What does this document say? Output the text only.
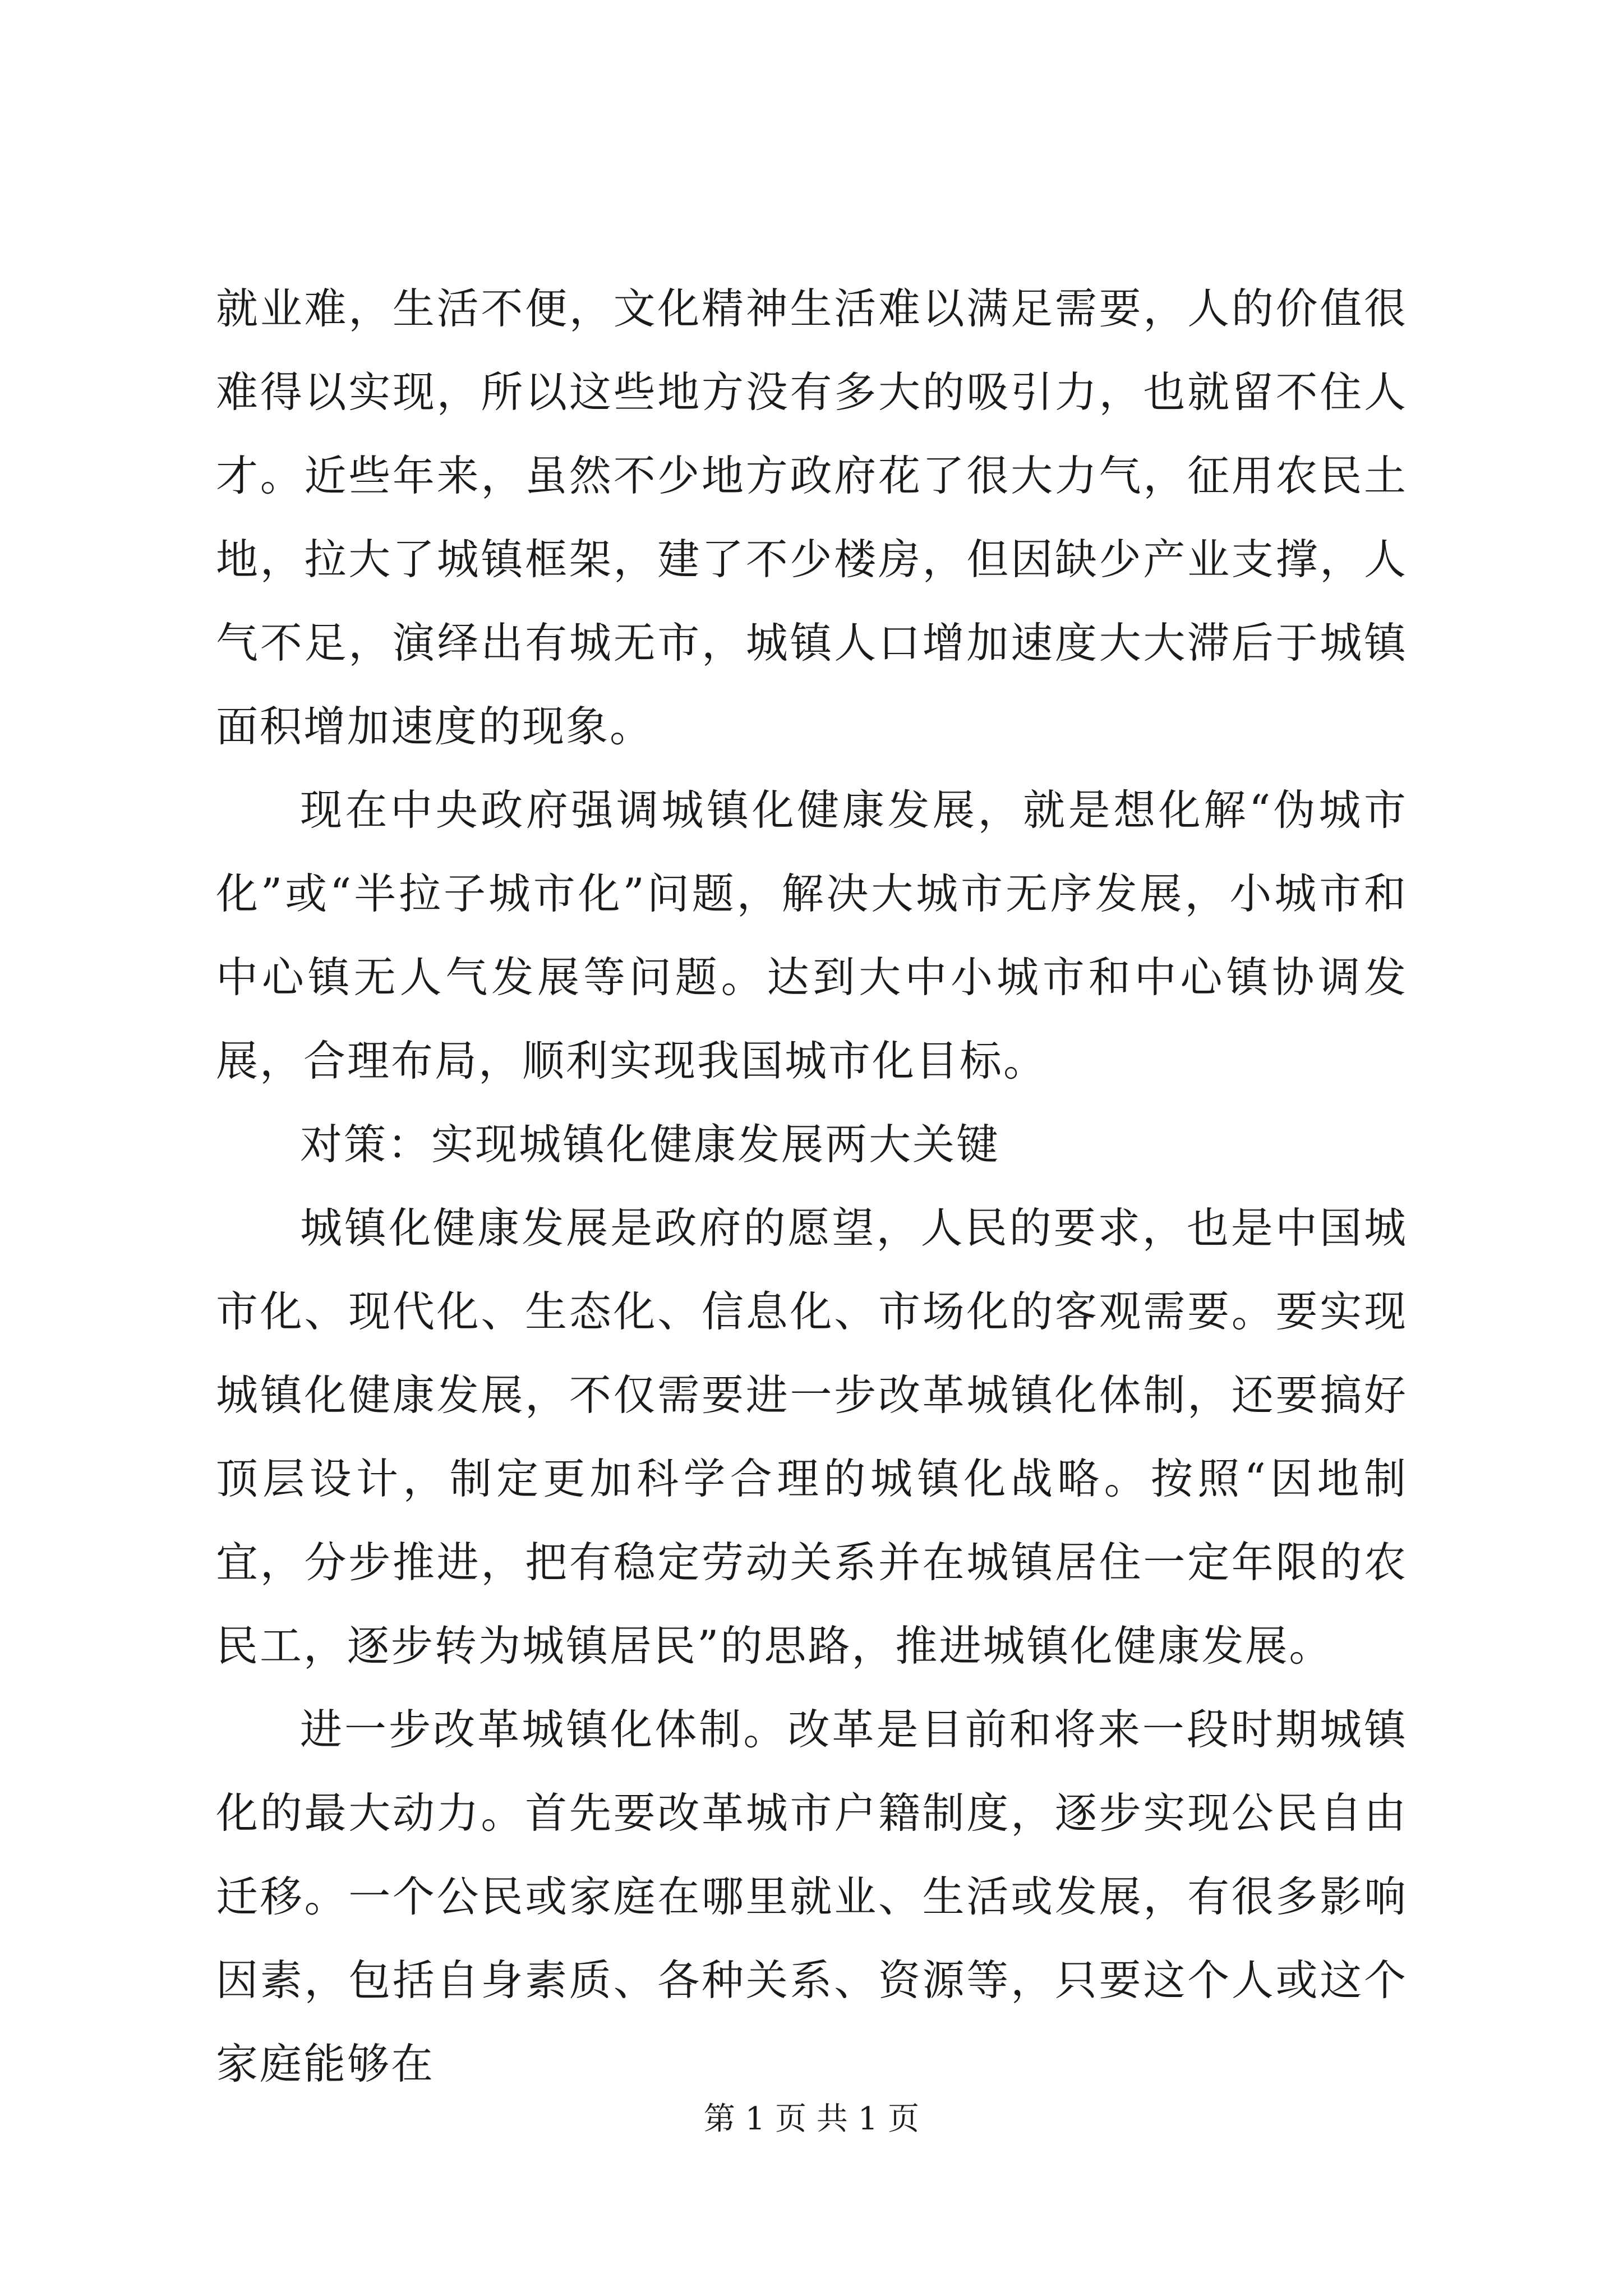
就业难，生活不便，文化精神生活难以满足需要，人的价值很难得以实现，所以这些地方没有多大的吸引力，也就留不住人才。近些年来，虽然不少地方政府花了很大力气，征用农民土地，拉大了城镇框架，建了不少楼房，但因缺少产业支撑，人气不足，演绎出有城无市，城镇人口增加速度大大滞后于城镇面积增加速度的现象。

现在中央政府强调城镇化健康发展，就是想化解“伪城市化”或“半拉子城市化”问题，解决大城市无序发展，小城市和中心镇无人气发展等问题。达到大中小城市和中心镇协调发展，合理布局，顺利实现我国城市化目标。

对策：实现城镇化健康发展两大关键

城镇化健康发展是政府的愿望，人民的要求，也是中国城市化、现代化、生态化、信息化、市场化的客观需要。要实现城镇化健康发展，不仅需要进一步改革城镇化体制，还要搞好顶层设计，制定更加科学合理的城镇化战略。按照“因地制宜，分步推进，把有稳定劳动关系并在城镇居住一定年限的农民工，逐步转为城镇居民”的思路，推进城镇化健康发展。

进一步改革城镇化体制。改革是目前和将来一段时期城镇化的最大动力。首先要改革城市户籍制度，逐步实现公民自由迁移。一个公民或家庭在哪里就业、生活或发展，有很多影响因素，包括自身素质、各种关系、资源等，只要这个人或这个家庭能够在

第 1 页 共 1 页
